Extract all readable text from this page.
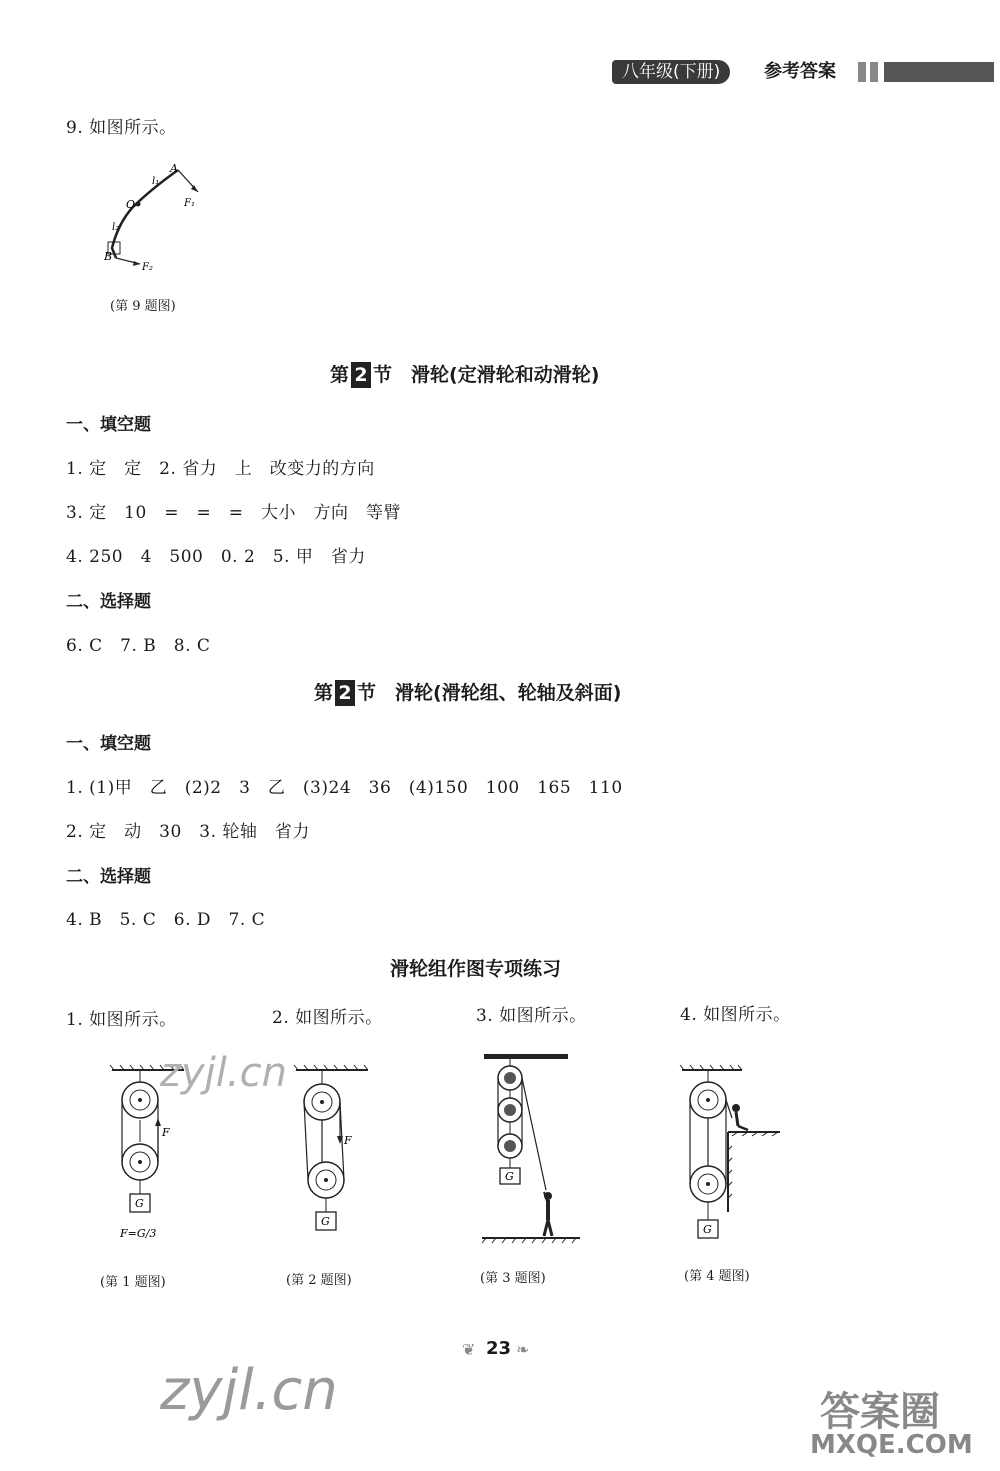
八年级(下册)	参考答案
9. 如图所示。
A
O
B
l₁
l₂
F₁
F₂
(第 9 题图)
第 2 节　滑轮(定滑轮和动滑轮)
一、填空题
1. 定　定　2. 省力　上　改变力的方向
3. 定　10　=　=　=　大小　方向　等臂
4. 250　4　500　0. 2　5. 甲　省力
二、选择题
6. C　7. B　8. C
第 2 节　滑轮(滑轮组、轮轴及斜面)
一、填空题
1. (1)甲　乙　(2)2　3　乙　(3)24　36　(4)150　100　165　110
2. 定　动　30　3. 轮轴　省力
二、选择题
4. B　5. C　6. D　7. C
滑轮组作图专项练习
1. 如图所示。	2. 如图所示。	3. 如图所示。	4. 如图所示。
F
G
F=G/3
(第 1 题图)
F
G
(第 2 题图)
G
(第 3 题图)
G
(第 4 题图)
❦ 23 ❧
zyjl.cn
zyjl.cn	答案圈
MXQE.COM
